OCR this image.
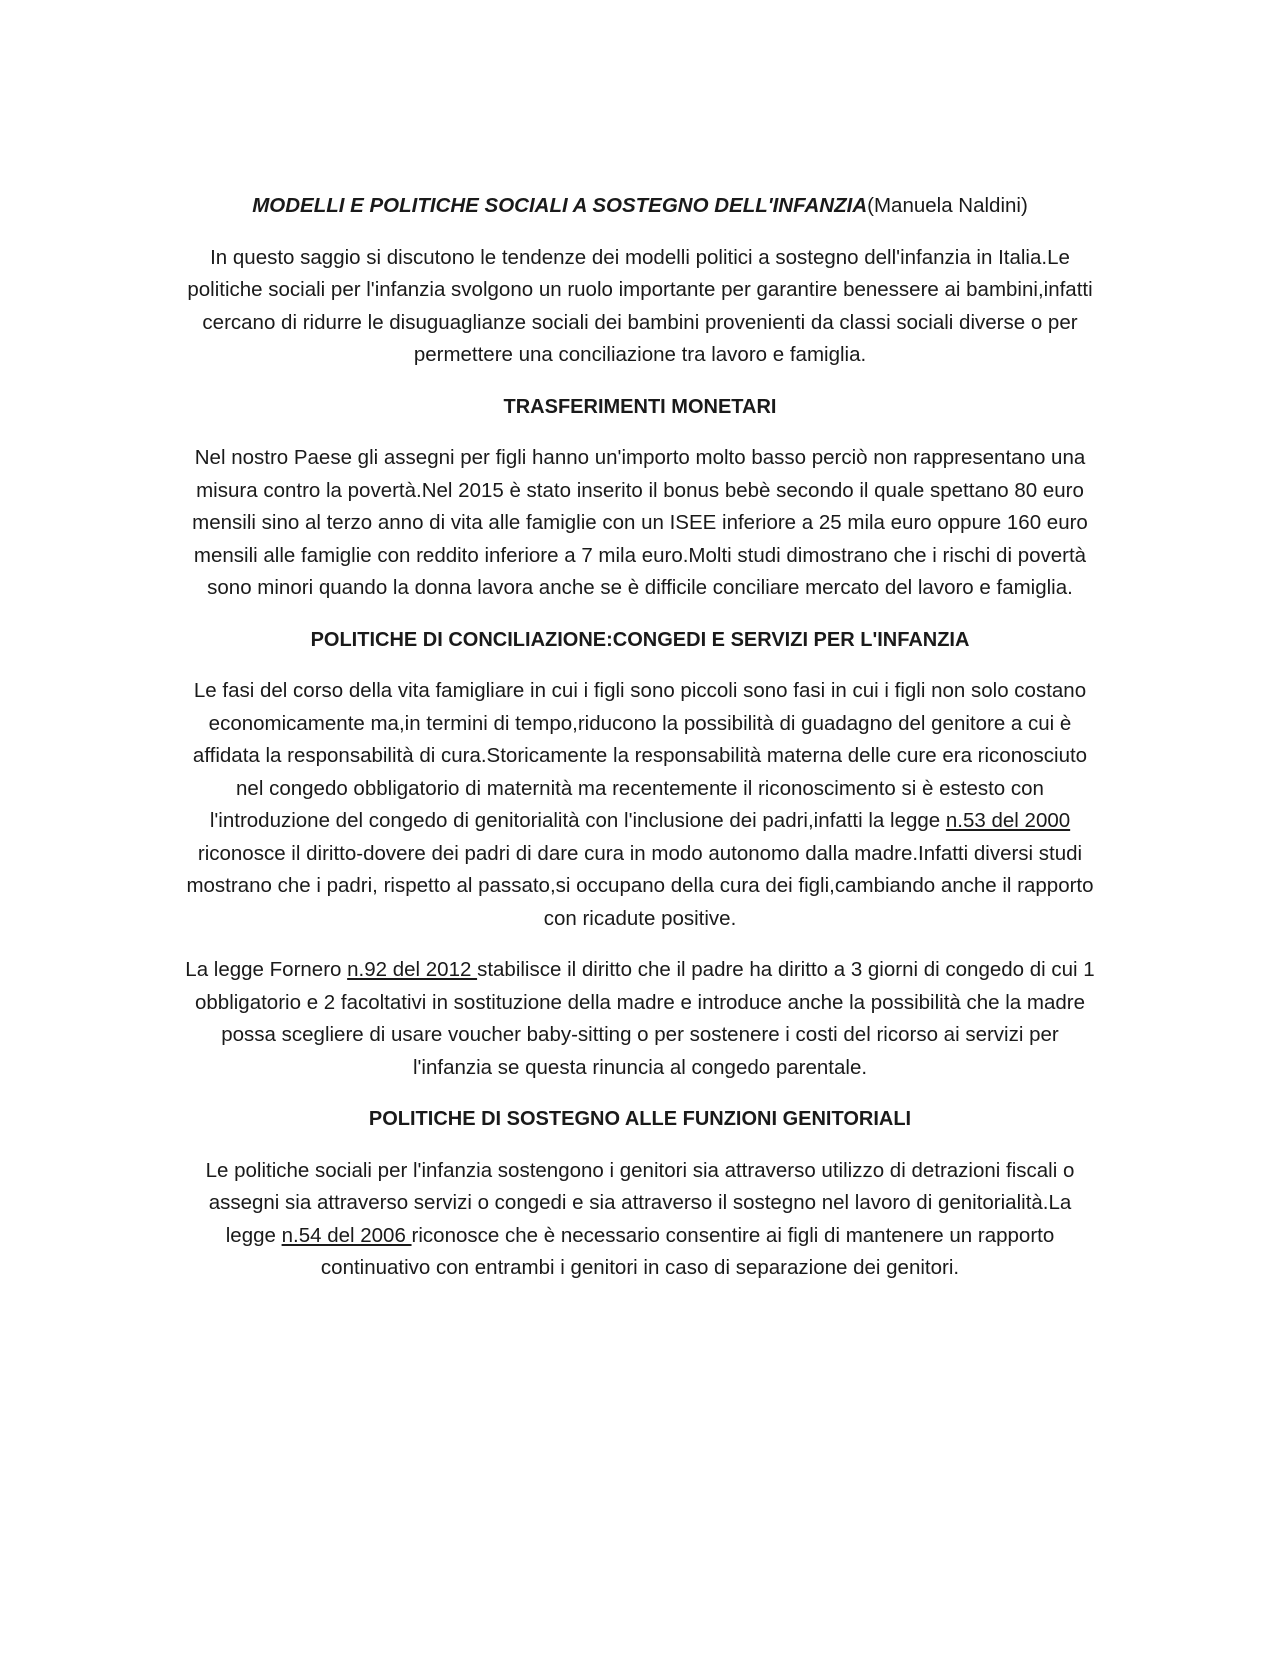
MODELLI E POLITICHE SOCIALI A SOSTEGNO DELL'INFANZIA(Manuela Naldini)

In questo saggio si discutono le tendenze dei modelli politici a sostegno dell'infanzia in Italia.Le politiche sociali per l'infanzia svolgono un ruolo importante per garantire benessere ai bambini,infatti cercano di ridurre le disuguaglianze sociali dei bambini provenienti da classi sociali diverse o per permettere una conciliazione tra lavoro e famiglia.

TRASFERIMENTI MONETARI

Nel nostro Paese gli assegni per figli hanno un'importo molto basso perciò non rappresentano una misura contro la povertà.Nel 2015 è stato inserito il bonus bebè secondo il quale spettano 80 euro mensili sino al terzo anno di vita alle famiglie con un ISEE inferiore a 25 mila euro oppure 160 euro mensili alle famiglie con reddito inferiore a 7 mila euro.Molti studi dimostrano che i rischi di povertà sono minori quando la donna lavora anche se è difficile conciliare mercato del lavoro e famiglia.

POLITICHE DI CONCILIAZIONE:CONGEDI E SERVIZI PER L'INFANZIA

Le fasi del corso della vita famigliare in cui i figli sono piccoli sono fasi in cui i figli non solo costano economicamente ma,in termini di tempo,riducono la possibilità di guadagno del genitore a cui è affidata la responsabilità di cura.Storicamente la responsabilità materna delle cure era riconosciuto nel congedo obbligatorio di maternità ma recentemente il riconoscimento si è estesto con l'introduzione del congedo di genitorialità con l'inclusione dei padri,infatti la legge n.53 del 2000 riconosce il diritto-dovere dei padri di dare cura in modo autonomo dalla madre.Infatti diversi studi mostrano che i padri, rispetto al passato,si occupano della cura dei figli,cambiando anche il rapporto con ricadute positive.

La legge Fornero n.92 del 2012 stabilisce il diritto che il padre ha diritto a 3 giorni di congedo di cui 1 obbligatorio e 2 facoltativi in sostituzione della madre e introduce anche la possibilità che la madre possa scegliere di usare voucher baby-sitting o per sostenere i costi del ricorso ai servizi per l'infanzia se questa rinuncia al congedo parentale.

POLITICHE DI SOSTEGNO ALLE FUNZIONI GENITORIALI

Le politiche sociali per l'infanzia sostengono i genitori sia attraverso utilizzo di detrazioni fiscali o assegni sia attraverso servizi o congedi e sia attraverso il sostegno nel lavoro di genitorialità.La legge n.54 del 2006 riconosce che è necessario consentire ai figli di mantenere un rapporto continuativo con entrambi i genitori in caso di separazione dei genitori.
